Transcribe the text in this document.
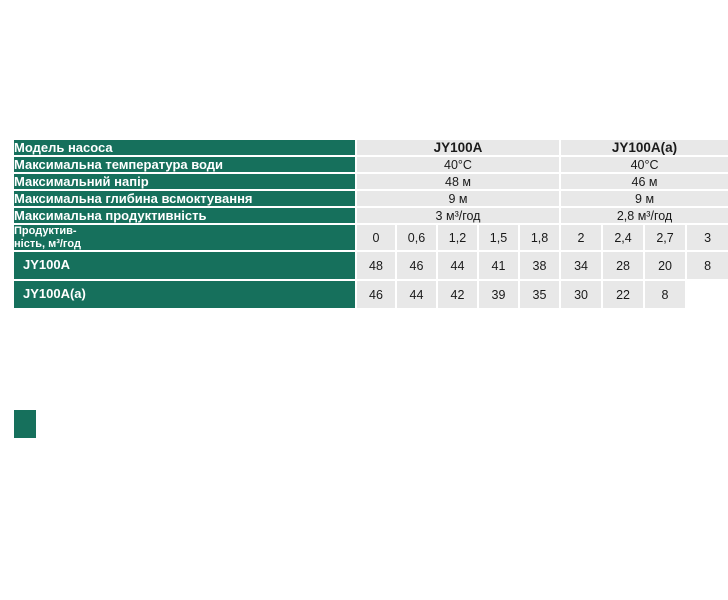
Модель насоса	JY100A					JY100A(a)			
Максимальна температура води	40°C					40°C			
Максимальний напір	48 м					46 м			
Максимальна глибина всмоктування	9 м					9 м			
Максимальна продуктивність	3 м³/год					2,8 м³/год			
Продуктив-
ність, м³/год	0	0,6	1,2	1,5	1,8	2	2,4	2,7	3
JY100A	48	46	44	41	38	34	28	20	8
JY100A(a)	46	44	42	39	35	30	22	8	
